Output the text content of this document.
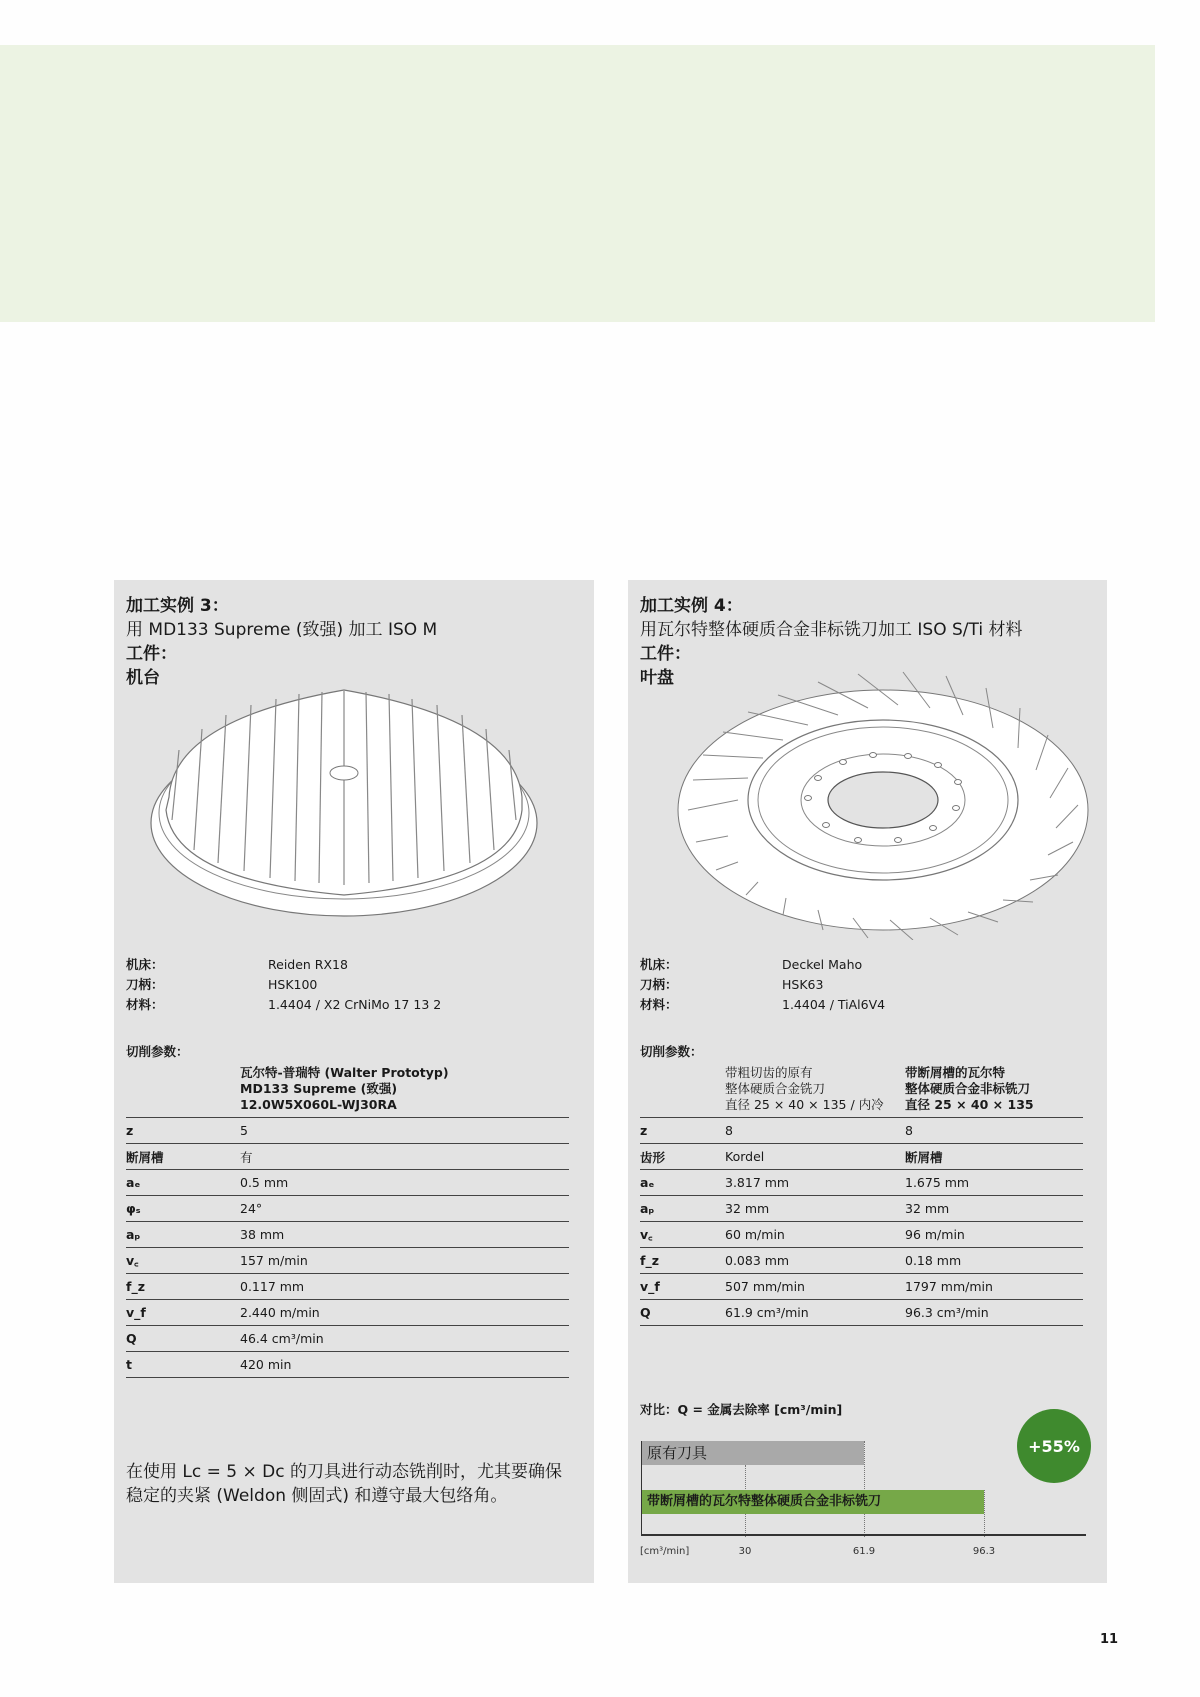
加工实例 3：
用 MD133 Supreme (致强) 加工 ISO M
工件：
机台
机床：	Reiden RX18
刀柄：	HSK100
材料：	1.4404 / X2 CrNiMo 17 13 2
切削参数：

	瓦尔特-普瑞特 (Walter Prototyp)
MD133 Supreme (致强)
12.0W5X060L-WJ30RA

z	5
断屑槽	有
aₑ	0.5 mm
φₛ	24°
aₚ	38 mm
v꜀	157 m/min
f_z	0.117 mm
v_f	2.440 m/min
Q	46.4 cm³/min
t	420 min
在使用 Lc = 5 × Dc 的刀具进行动态铣削时，尤其要确保
稳定的夹紧 (Weldon 侧固式) 和遵守最大包络角。
加工实例 4：
用瓦尔特整体硬质合金非标铣刀加工 ISO S/Ti 材料
工件：
叶盘
机床：	Deckel Maho
刀柄：	HSK63
材料：	1.4404 / TiAl6V4
切削参数：

带粗切齿的原有
整体硬质合金铣刀
直径 25 × 40 × 135 / 内冷

带断屑槽的瓦尔特
整体硬质合金非标铣刀
直径 25 × 40 × 135

z	8	8
齿形	Kordel	断屑槽
aₑ	3.817 mm	1.675 mm
aₚ	32 mm	32 mm
v꜀	60 m/min	96 m/min
f_z	0.083 mm	0.18 mm
v_f	507 mm/min	1797 mm/min
Q	61.9 cm³/min	96.3 cm³/min
对比：Q = 金属去除率 [cm³/min]
原有刀具
带断屑槽的瓦尔特整体硬质合金非标铣刀
[cm³/min]	30	61.9	96.3
+55%
11
